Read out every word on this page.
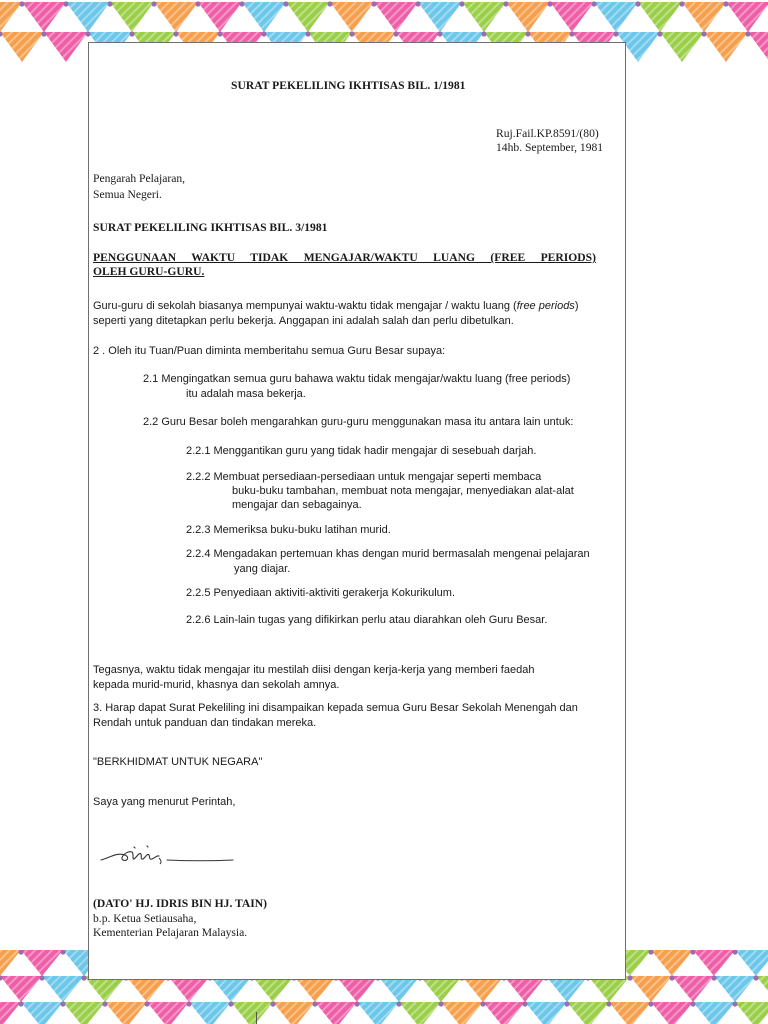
SURAT PEKELILING IKHTISAS BIL. 1/1981

Ruj.Fail.KP.8591/(80)

14hb. September, 1981

Pengarah Pelajaran,

Semua Negeri.

SURAT PEKELILING IKHTISAS BIL. 3/1981

PENGGUNAAN WAKTU TIDAK MENGAJAR/WAKTU LUANG (FREE PERIODS)

OLEH GURU-GURU.

Guru-guru di sekolah biasanya mempunyai waktu-waktu tidak mengajar / waktu luang (free periods)

seperti yang ditetapkan perlu bekerja. Anggapan ini adalah salah dan perlu dibetulkan.

2 . Oleh itu Tuan/Puan diminta memberitahu semua Guru Besar supaya:

2.1 Mengingatkan semua guru bahawa waktu tidak mengajar/waktu luang (free periods)

itu adalah masa bekerja.

2.2 Guru Besar boleh mengarahkan guru-guru menggunakan masa itu antara lain untuk:

2.2.1 Menggantikan guru yang tidak hadir mengajar di sesebuah darjah.

2.2.2 Membuat persediaan-persediaan untuk mengajar seperti membaca

buku-buku tambahan, membuat nota mengajar, menyediakan alat-alat

mengajar dan sebagainya.

2.2.3 Memeriksa buku-buku latihan murid.

2.2.4 Mengadakan pertemuan khas dengan murid bermasalah mengenai pelajaran

yang diajar.

2.2.5 Penyediaan aktiviti-aktiviti gerakerja Kokurikulum.

2.2.6 Lain-lain tugas yang difikirkan perlu atau diarahkan oleh Guru Besar.

Tegasnya, waktu tidak mengajar itu mestilah diisi dengan kerja-kerja yang memberi faedah

kepada murid-murid, khasnya dan sekolah amnya.

3. Harap dapat Surat Pekeliling ini disampaikan kepada semua Guru Besar Sekolah Menengah dan

Rendah untuk panduan dan tindakan mereka.

"BERKHIDMAT UNTUK NEGARA"

Saya yang menurut Perintah,

(DATO' HJ. IDRIS BIN HJ. TAIN)

b.p. Ketua Setiausaha,

Kementerian Pelajaran Malaysia.
